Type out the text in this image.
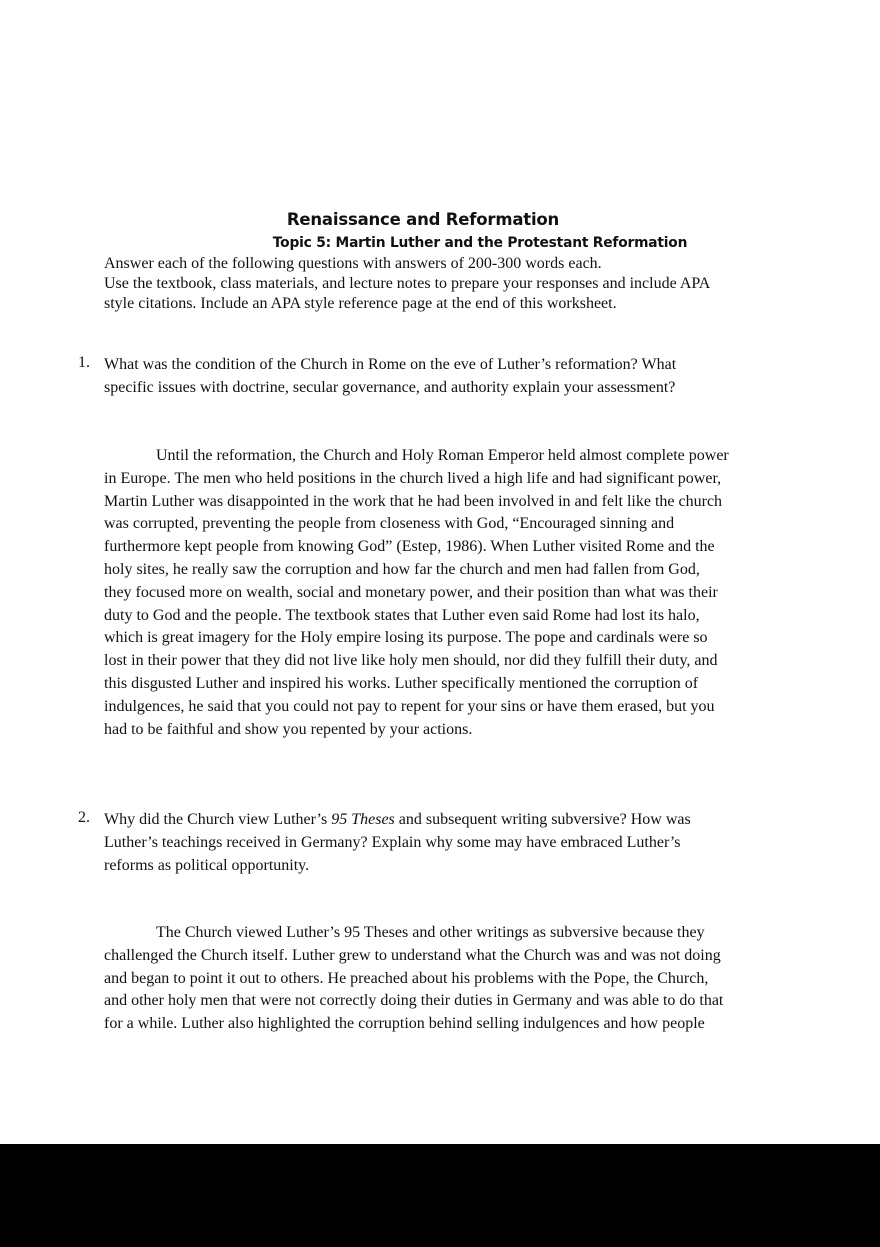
Renaissance and Reformation
Topic 5: Martin Luther and the Protestant Reformation
Answer each of the following questions with answers of 200-300 words each.
Use the textbook, class materials, and lecture notes to prepare your responses and include APA
style citations. Include an APA style reference page at the end of this worksheet.
1. What was the condition of the Church in Rome on the eve of Luther’s reformation? What
specific issues with doctrine, secular governance, and authority explain your assessment?
Until the reformation, the Church and Holy Roman Emperor held almost complete power
in Europe. The men who held positions in the church lived a high life and had significant power,
Martin Luther was disappointed in the work that he had been involved in and felt like the church
was corrupted, preventing the people from closeness with God, “Encouraged sinning and
furthermore kept people from knowing God” (Estep, 1986). When Luther visited Rome and the
holy sites, he really saw the corruption and how far the church and men had fallen from God,
they focused more on wealth, social and monetary power, and their position than what was their
duty to God and the people. The textbook states that Luther even said Rome had lost its halo,
which is great imagery for the Holy empire losing its purpose. The pope and cardinals were so
lost in their power that they did not live like holy men should, nor did they fulfill their duty, and
this disgusted Luther and inspired his works. Luther specifically mentioned the corruption of
indulgences, he said that you could not pay to repent for your sins or have them erased, but you
had to be faithful and show you repented by your actions.
2. Why did the Church view Luther’s 95 Theses and subsequent writing subversive? How was
Luther’s teachings received in Germany? Explain why some may have embraced Luther’s
reforms as political opportunity.
The Church viewed Luther’s 95 Theses and other writings as subversive because they
challenged the Church itself. Luther grew to understand what the Church was and was not doing
and began to point it out to others. He preached about his problems with the Pope, the Church,
and other holy men that were not correctly doing their duties in Germany and was able to do that
for a while. Luther also highlighted the corruption behind selling indulgences and how people
